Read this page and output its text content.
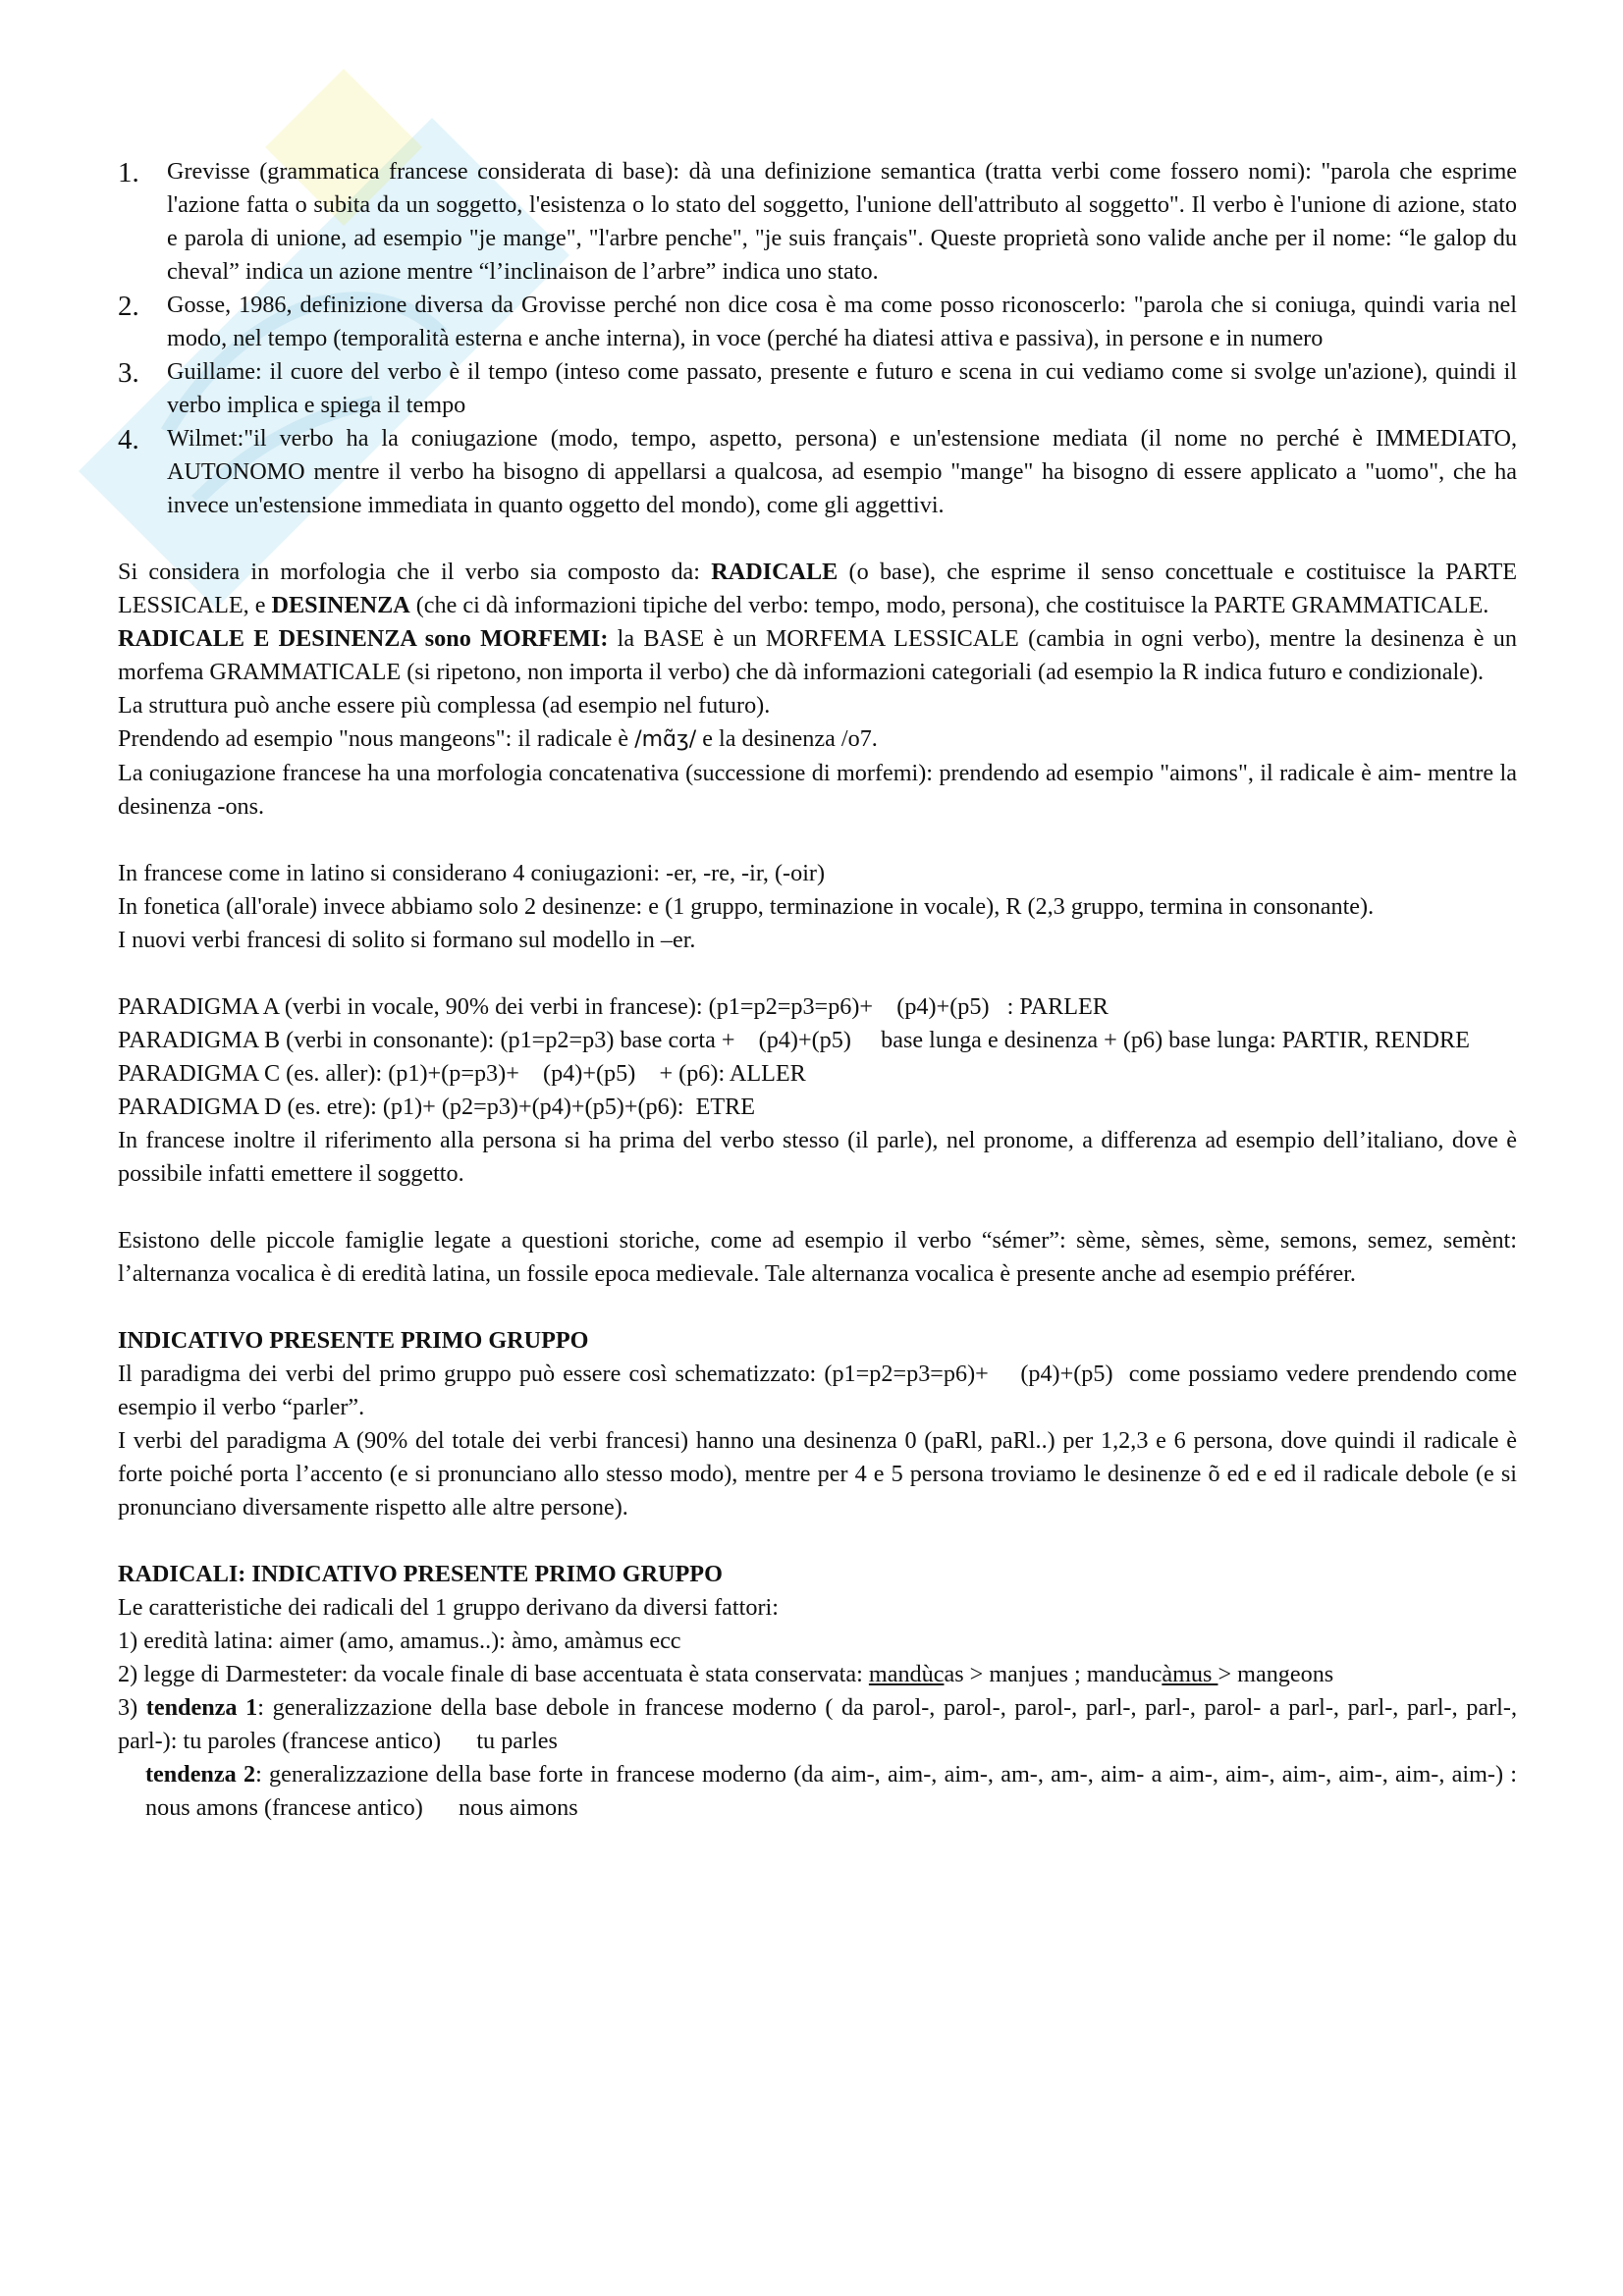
1. Grevisse (grammatica francese considerata di base): dà una definizione semantica (tratta verbi come fossero nomi): "parola che esprime l'azione fatta o subita da un soggetto, l'esistenza o lo stato del soggetto, l'unione dell'attributo al soggetto". Il verbo è l'unione di azione, stato e parola di unione, ad esempio "je mange", "l'arbre penche", "je suis français". Queste proprietà sono valide anche per il nome: “le galop du cheval” indica un azione mentre “l’inclinaison de l’arbre” indica uno stato.
2. Gosse, 1986, definizione diversa da Grovisse perché non dice cosa è ma come posso riconoscerlo: "parola che si coniuga, quindi varia nel modo, nel tempo (temporalità esterna e anche interna), in voce (perché ha diatesi attiva e passiva), in persone e in numero
3. Guillame: il cuore del verbo è il tempo (inteso come passato, presente e futuro e scena in cui vediamo come si svolge un'azione), quindi il verbo implica e spiega il tempo
4. Wilmet:"il verbo ha la coniugazione (modo, tempo, aspetto, persona) e un'estensione mediata (il nome no perché è IMMEDIATO, AUTONOMO mentre il verbo ha bisogno di appellarsi a qualcosa, ad esempio "mange" ha bisogno di essere applicato a "uomo", che ha invece un'estensione immediata in quanto oggetto del mondo), come gli aggettivi.

Si considera in morfologia che il verbo sia composto da: RADICALE (o base), che esprime il senso concettuale e costituisce la PARTE LESSICALE, e DESINENZA (che ci dà informazioni tipiche del verbo: tempo, modo, persona), che costituisce la PARTE GRAMMATICALE.

RADICALE E DESINENZA sono MORFEMI: la BASE è un MORFEMA LESSICALE (cambia in ogni verbo), mentre la desinenza è un morfema GRAMMATICALE (si ripetono, non importa il verbo) che dà informazioni categoriali (ad esempio la R indica futuro e condizionale).

La struttura può anche essere più complessa (ad esempio nel futuro).

Prendendo ad esempio "nous mangeons": il radicale è /mɑ̃ʒ/ e la desinenza /o7.

La coniugazione francese ha una morfologia concatenativa (successione di morfemi): prendendo ad esempio "aimons", il radicale è aim- mentre la desinenza -ons.

In francese come in latino si considerano 4 coniugazioni: -er, -re, -ir, (-oir)

In fonetica (all'orale) invece abbiamo solo 2 desinenze: e (1 gruppo, terminazione in vocale), R (2,3 gruppo, termina in consonante).

I nuovi verbi francesi di solito si formano sul modello in –er.

PARADIGMA A (verbi in vocale, 90% dei verbi in francese): (p1=p2=p3=p6)+    (p4)+(p5)   : PARLER

PARADIGMA B (verbi in consonante): (p1=p2=p3) base corta +    (p4)+(p5)     base lunga e desinenza + (p6) base lunga: PARTIR, RENDRE

PARADIGMA C (es. aller): (p1)+(p=p3)+    (p4)+(p5)    + (p6): ALLER

PARADIGMA D (es. etre): (p1)+ (p2=p3)+(p4)+(p5)+(p6):  ETRE

In francese inoltre il riferimento alla persona si ha prima del verbo stesso (il parle), nel pronome, a differenza ad esempio dell’italiano, dove è possibile infatti emettere il soggetto.

Esistono delle piccole famiglie legate a questioni storiche, come ad esempio il verbo “sémer”: sème, sèmes, sème, semons, semez, semènt: l’alternanza vocalica è di eredità latina, un fossile epoca medievale. Tale alternanza vocalica è presente anche ad esempio préférer.

INDICATIVO PRESENTE PRIMO GRUPPO

Il paradigma dei verbi del primo gruppo può essere così schematizzato: (p1=p2=p3=p6)+    (p4)+(p5)  come possiamo vedere prendendo come esempio il verbo “parler”.

I verbi del paradigma A (90% del totale dei verbi francesi) hanno una desinenza 0 (paRl, paRl..) per 1,2,3 e 6 persona, dove quindi il radicale è forte poiché porta l’accento (e si pronunciano allo stesso modo), mentre per 4 e 5 persona troviamo le desinenze õ ed e ed il radicale debole (e si pronunciano diversamente rispetto alle altre persone).

RADICALI: INDICATIVO PRESENTE PRIMO GRUPPO

Le caratteristiche dei radicali del 1 gruppo derivano da diversi fattori:

1) eredità latina: aimer (amo, amamus..): àmo, amàmus ecc

2) legge di Darmesteter: da vocale finale di base accentuata è stata conservata: mandùcas > manjues ; manducàmus > mangeons

3) tendenza 1: generalizzazione della base debole in francese moderno ( da parol-, parol-, parol-, parl-, parl-, parol- a parl-, parl-, parl-, parl-, parl-): tu paroles (francese antico)      tu parles

tendenza 2: generalizzazione della base forte in francese moderno (da aim-, aim-, aim-, am-, am-, aim- a aim-, aim-, aim-, aim-, aim-, aim-) : nous amons (francese antico)      nous aimons
